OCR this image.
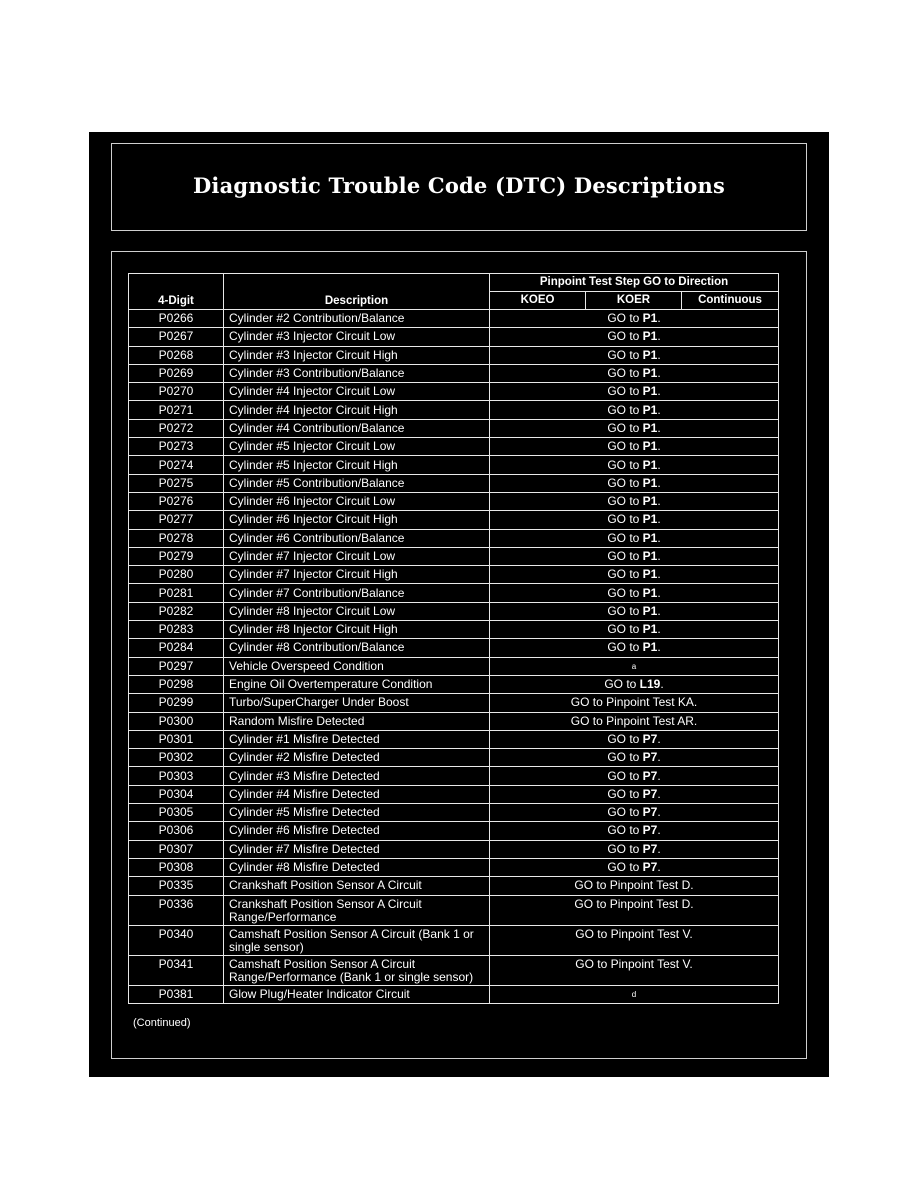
Diagnostic Trouble Code (DTC) Descriptions
4-Digit	Description	Pinpoint Test Step GO to Direction		
		KOEO	KOER	Continuous
P0266	Cylinder #2 Contribution/Balance	GO to P1.		
P0267	Cylinder #3 Injector Circuit Low	GO to P1.		
P0268	Cylinder #3 Injector Circuit High	GO to P1.		
P0269	Cylinder #3 Contribution/Balance	GO to P1.		
P0270	Cylinder #4 Injector Circuit Low	GO to P1.		
P0271	Cylinder #4 Injector Circuit High	GO to P1.		
P0272	Cylinder #4 Contribution/Balance	GO to P1.		
P0273	Cylinder #5 Injector Circuit Low	GO to P1.		
P0274	Cylinder #5 Injector Circuit High	GO to P1.		
P0275	Cylinder #5 Contribution/Balance	GO to P1.		
P0276	Cylinder #6 Injector Circuit Low	GO to P1.		
P0277	Cylinder #6 Injector Circuit High	GO to P1.		
P0278	Cylinder #6 Contribution/Balance	GO to P1.		
P0279	Cylinder #7 Injector Circuit Low	GO to P1.		
P0280	Cylinder #7 Injector Circuit High	GO to P1.		
P0281	Cylinder #7 Contribution/Balance	GO to P1.		
P0282	Cylinder #8 Injector Circuit Low	GO to P1.		
P0283	Cylinder #8 Injector Circuit High	GO to P1.		
P0284	Cylinder #8 Contribution/Balance	GO to P1.		
P0297	Vehicle Overspeed Condition	$^a$
P0298	Engine Oil Overtemperature Condition	GO to L19.		
P0299	Turbo/SuperCharger Under Boost	GO to Pinpoint Test KA.		
P0300	Random Misfire Detected	GO to Pinpoint Test AR.		
P0301	Cylinder #1 Misfire Detected	GO to P7.		
P0302	Cylinder #2 Misfire Detected	GO to P7.		
P0303	Cylinder #3 Misfire Detected	GO to P7.		
P0304	Cylinder #4 Misfire Detected	GO to P7.		
P0305	Cylinder #5 Misfire Detected	GO to P7.		
P0306	Cylinder #6 Misfire Detected	GO to P7.		
P0307	Cylinder #7 Misfire Detected	GO to P7.		
P0308	Cylinder #8 Misfire Detected	GO to P7.		
P0335	Crankshaft Position Sensor A Circuit	GO to Pinpoint Test D.		
P0336	Crankshaft Position Sensor A Circuit Range/Performance	GO to Pinpoint Test D.		
P0340	Camshaft Position Sensor A Circuit (Bank 1 or single sensor)	GO to Pinpoint Test V.		
P0341	Camshaft Position Sensor A Circuit Range/Performance (Bank 1 or single sensor)	GO to Pinpoint Test V.		
P0381	Glow Plug/Heater Indicator Circuit	$^d$
(Continued)
